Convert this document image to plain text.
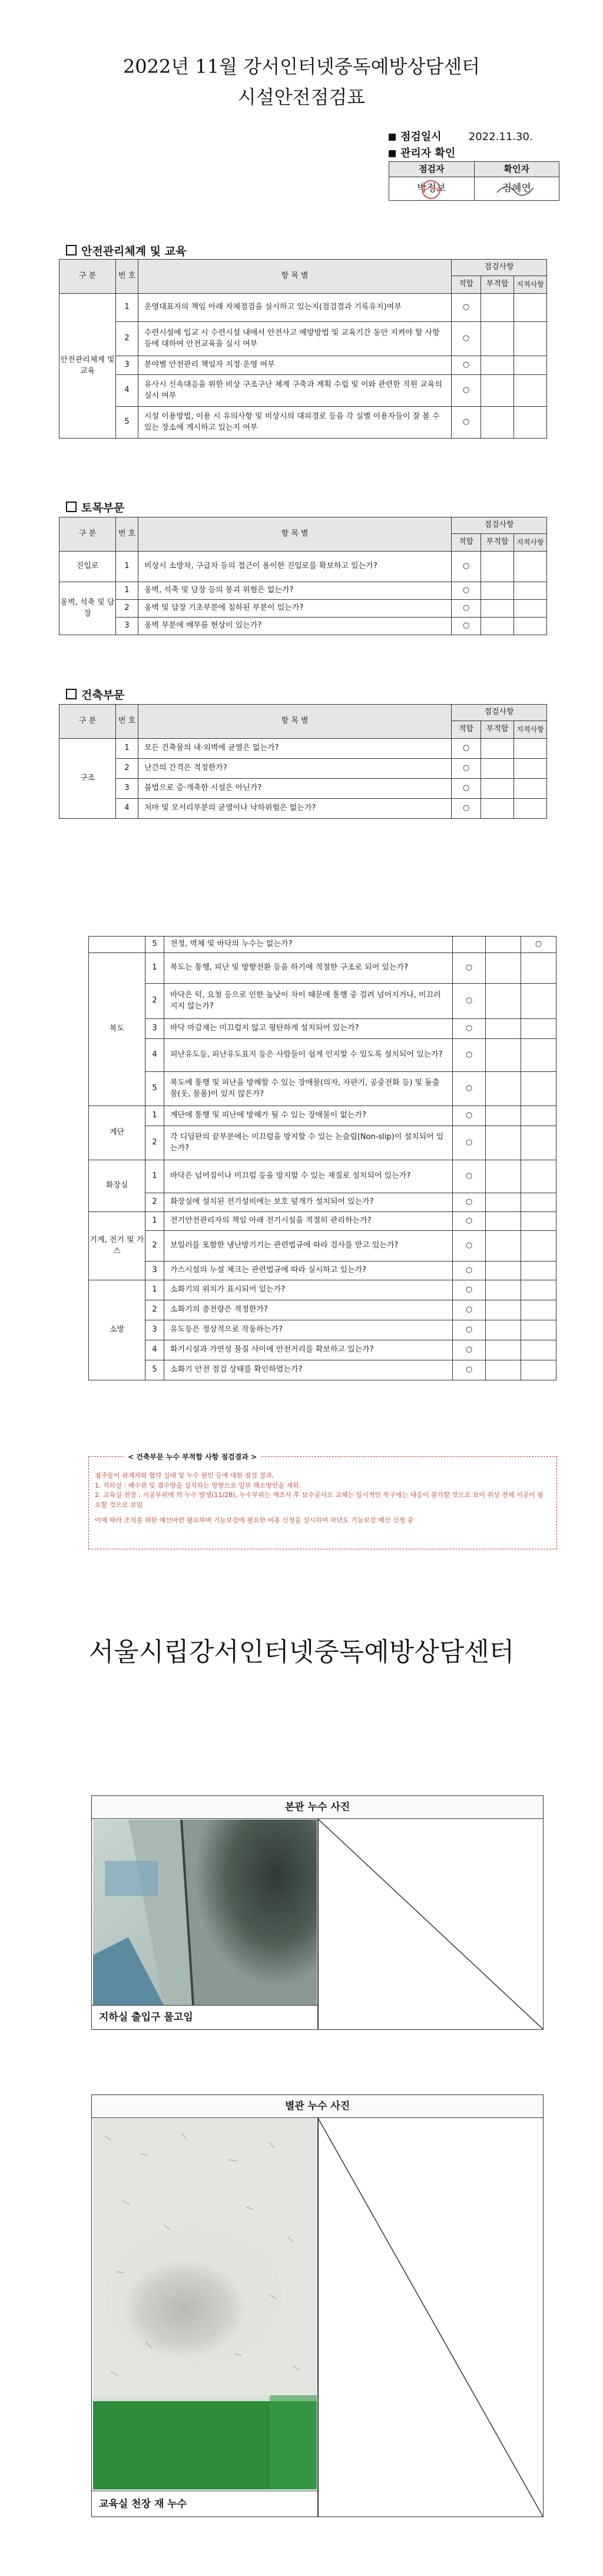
2022년 11월 강서인터넷중독예방상담센터
시설안전점검표
점검일시	2022.11.30.
관리자 확인
점검자	확인자
박정보	김혜연
안전관리체계 및 교육
구 분	번 호	항 목 별	점검사항		
			적합	부적합	지적사항
안전관리체계 및 교육	1	운영대표자의 책임 아래 자체점검을 실시하고 있는지(점검결과 기록유지)여부	○		
	2	수련시설에 입교 시 수련시설 내에서 안전사고 예방방법 및 교육기간 동안 지켜야 할 사항 등에 대하여 안전교육을 실시 여부	○		
	3	분야별 안전관리 책임자 지정·운영 여부	○		
	4	유사시 신속대응을 위한 비상 구조구난 체계 구축과 계획 수립 및 이와 관련한 직원 교육의 실시 여부	○		
	5	시설 이용방법, 이용 시 유의사항 및 비상시의 대피경로 등을 각 실별 이용자들이 잘 볼 수 있는 장소에 게시하고 있는지 여부	○		
토목부문
구 분	번 호	항 목 별	점검사항		
			적합	부적합	지적사항
진입로	1	비상시 소방차, 구급차 등의 접근이 용이한 진입로를 확보하고 있는가?	○		
옹벽, 석축 및 담장	1	옹벽, 석축 및 담장 등의 붕괴 위험은 없는가?	○		
	2	옹벽 및 담장 기초부분에 침하된 부분이 있는가?	○		
	3	옹벽 부분에 배부름 현상이 있는가?	○		
건축부문
구 분	번 호	항 목 별	점검사항		
			적합	부적합	지적사항
구조	1	모든 건축물의 내·외벽에 균열은 없는가?	○		
	2	난간의 간격은 적정한가?	○		
	3	불법으로 증·개축한 시설은 아닌가?	○		
	4	처마 및 모서리부분의 균열이나 낙하위험은 없는가?	○		
	5	천정, 벽체 및 바닥의 누수는 없는가?			○
복도	1	복도는 통행, 피난 및 방향전환 등을 하기에 적절한 구조로 되어 있는가?	○		
	2	바닥은 턱, 요철 등으로 인한 높낮이 차이 때문에 통행 중 걸려 넘어지거나, 미끄러지지 않는가?	○		
	3	바닥 마감재는 미끄럽지 않고 평탄하게 설치되어 있는가?	○		
	4	피난유도등, 피난유도표지 등은 사람들이 쉽게 인지할 수 있도록 설치되어 있는가?	○		
	5	복도에 통행 및 피난을 방해할 수 있는 장애물(의자, 자판기, 공중전화 등) 및 돌출물(옷, 물품)이 있지 않은가?	○		
계단	1	계단에 통행 및 피난에 방해가 될 수 있는 장애물이 없는가?	○		
	2	각 디딤판의 끝부분에는 미끄럼을 방지할 수 있는 논슬립(Non-slip)이 설치되어 있는가?	○		
화장실	1	바닥은 넘어짐이나 미끄럼 등을 방지할 수 있는 재질로 설치되어 있는가?	○		
	2	화장실에 설치된 전기설비에는 보호 덮개가 설치되어 있는가?	○		
기계, 전기 및 가스	1	전기안전관리자의 책임 아래 전기시설을 적절히 관리하는가?	○		
	2	보일러를 포함한 냉난방기기는 관련법규에 따라 검사를 받고 있는가?	○		
	3	가스시설의 누설 체크는 관련법규에 따라 실시하고 있는가?	○		
소방	1	소화기의 위치가 표시되어 있는가?	○		
	2	소화기의 충전량은 적정한가?	○		
	3	유도등은 정상적으로 작동하는가?	○		
	4	화기시설과 가연성 물질 사이에 안전거리를 확보하고 있는가?	○		
	5	소화기 안전 점검 상태를 확인하였는가?	○		
< 건축부문 누수 부적합 사항 점검결과 >
점주들이 관계자와 협약 실태 및 누수 원인 등에 대한 점검 결과,
1. 지하실 : 배수관 및 접수방을 설치하는 방향으로 일부 해소방안을 세워.
2. 교육실 천장 : 시공부위에 의 누수 발생(11/28), 누수부위는 재조사 후 보수공사로 교체는 일시적인 복구에는 대응이 불가할 것으로 보이 취상 전체 시공이 필요할 것으로 보임
이에 따라 조치를 위한 예산마련 필요하며 기능보강에 필요한 비용 신청을 실시하여 차년도 기능보강 예산 신청 중
서울시립강서인터넷중독예방상담센터
본관 누수 사진
지하실 출입구 물고임
별관 누수 사진
교육실 천장 재 누수
